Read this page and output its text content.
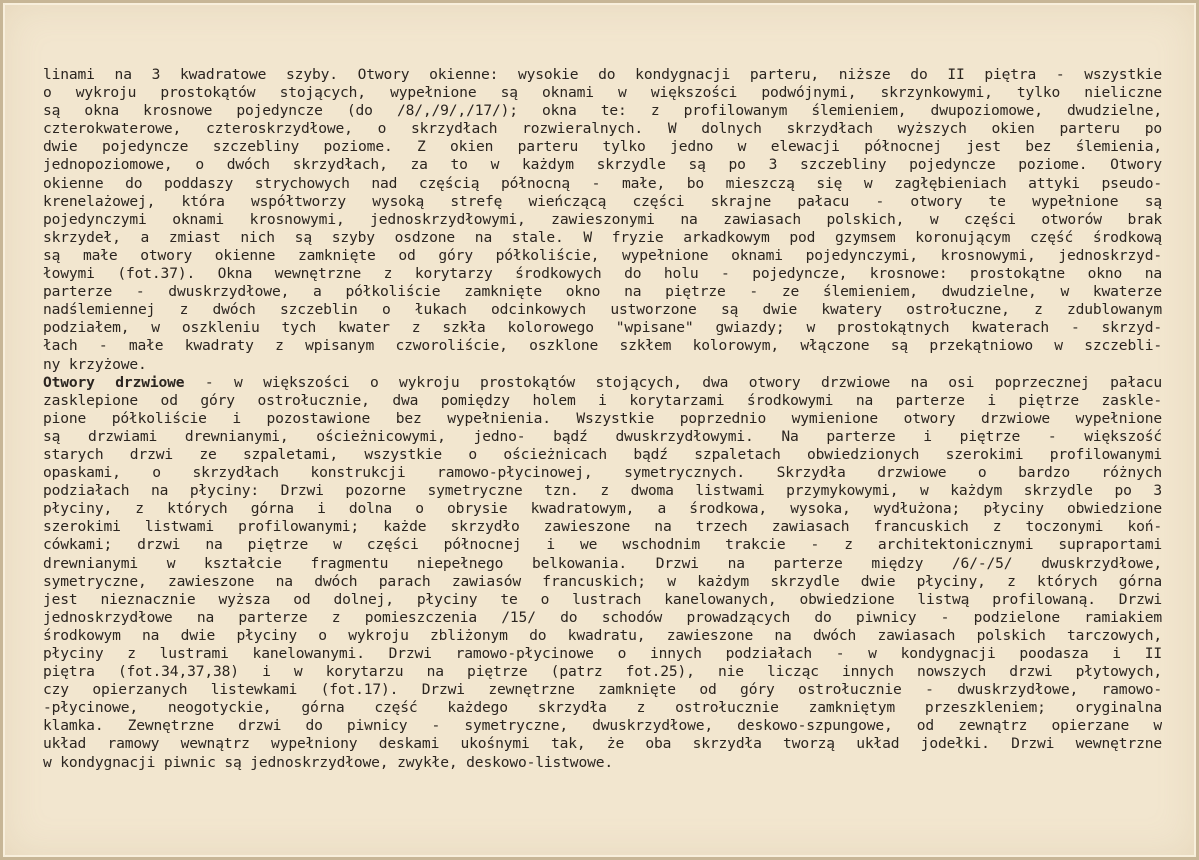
linami na 3 kwadratowe szyby. Otwory okienne: wysokie do kondygnacji parteru, niższe do II piętra - wszystkie
o wykroju prostokątów stojących, wypełnione są oknami w większości podwójnymi, skrzynkowymi, tylko nieliczne
są okna krosnowe pojedyncze (do /8/,/9/,/17/); okna te: z profilowanym ślemieniem, dwupoziomowe, dwudzielne,
czterokwaterowe, czteroskrzydłowe, o skrzydłach rozwieralnych. W dolnych skrzydłach wyższych okien parteru po
dwie pojedyncze szczebliny poziome. Z okien parteru tylko jedno w elewacji północnej jest bez ślemienia,
jednopoziomowe, o dwóch skrzydłach, za to w każdym skrzydle są po 3 szczebliny pojedyncze poziome. Otwory
okienne do poddaszy strychowych nad częścią północną - małe, bo mieszczą się w zagłębieniach attyki pseudo-
krenelażowej, która współtworzy wysoką strefę wieńczącą części skrajne pałacu - otwory te wypełnione są
pojedynczymi oknami krosnowymi, jednoskrzydłowymi, zawieszonymi na zawiasach polskich, w części otworów brak
skrzydeł, a zmiast nich są szyby osdzone na stale. W fryzie arkadkowym pod gzymsem koronującym część środkową
są małe otwory okienne zamknięte od góry półkoliście, wypełnione oknami pojedynczymi, krosnowymi, jednoskrzyd-
łowymi (fot.37). Okna wewnętrzne z korytarzy środkowych do holu - pojedyncze, krosnowe: prostokątne okno na
parterze - dwuskrzydłowe, a półkoliście zamknięte okno na piętrze - ze ślemieniem, dwudzielne, w kwaterze
nadślemiennej z dwóch szczeblin o łukach odcinkowych ustworzone są dwie kwatery ostrołuczne, z zdublowanym
podziałem, w oszkleniu tych kwater z szkła kolorowego "wpisane" gwiazdy; w prostokątnych kwaterach - skrzyd-
łach - małe kwadraty z wpisanym czworoliście, oszklone szkłem kolorowym, włączone są przekątniowo w szczebli-
ny krzyżowe.
Otwory drzwiowe - w większości o wykroju prostokątów stojących, dwa otwory drzwiowe na osi poprzecznej pałacu
zasklepione od góry ostrołucznie, dwa pomiędzy holem i korytarzami środkowymi na parterze i piętrze zaskle-
pione półkoliście i pozostawione bez wypełnienia. Wszystkie poprzednio wymienione otwory drzwiowe wypełnione
są drzwiami drewnianymi, ościeżnicowymi, jedno- bądź dwuskrzydłowymi. Na parterze i piętrze - większość
starych drzwi ze szpaletami, wszystkie o ościeżnicach bądź szpaletach obwiedzionych szerokimi profilowanymi
opaskami, o skrzydłach konstrukcji ramowo-płycinowej, symetrycznych. Skrzydła drzwiowe o bardzo różnych
podziałach na płyciny: Drzwi pozorne symetryczne tzn. z dwoma listwami przymykowymi, w każdym skrzydle po 3
płyciny, z których górna i dolna o obrysie kwadratowym, a środkowa, wysoka, wydłużona; płyciny obwiedzione
szerokimi listwami profilowanymi; każde skrzydło zawieszone na trzech zawiasach francuskich z toczonymi koń-
cówkami; drzwi na piętrze w części północnej i we wschodnim trakcie - z architektonicznymi supraportami
drewnianymi w kształcie fragmentu niepełnego belkowania. Drzwi na parterze między /6/-/5/ dwuskrzydłowe,
symetryczne, zawieszone na dwóch parach zawiasów francuskich; w każdym skrzydle dwie płyciny, z których górna
jest nieznacznie wyższa od dolnej, płyciny te o lustrach kanelowanych, obwiedzione listwą profilowaną. Drzwi
jednoskrzydłowe na parterze z pomieszczenia /15/ do schodów prowadzących do piwnicy - podzielone ramiakiem
środkowym na dwie płyciny o wykroju zbliżonym do kwadratu, zawieszone na dwóch zawiasach polskich tarczowych,
płyciny z lustrami kanelowanymi. Drzwi ramowo-płycinowe o innych podziałach - w kondygnacji poodasza i II
piętra (fot.34,37,38) i w korytarzu na piętrze (patrz fot.25), nie licząc innych nowszych drzwi płytowych,
czy opierzanych listewkami (fot.17). Drzwi zewnętrzne zamknięte od góry ostrołucznie - dwuskrzydłowe, ramowo-
-płycinowe, neogotyckie, górna część każdego skrzydła z ostrołucznie zamkniętym przeszkleniem; oryginalna
klamka. Zewnętrzne drzwi do piwnicy - symetryczne, dwuskrzydłowe, deskowo-szpungowe, od zewnątrz opierzane w
układ ramowy wewnątrz wypełniony deskami ukośnymi tak, że oba skrzydła tworzą układ jodełki. Drzwi wewnętrzne
w kondygnacji piwnic są jednoskrzydłowe, zwykłe, deskowo-listwowe.
